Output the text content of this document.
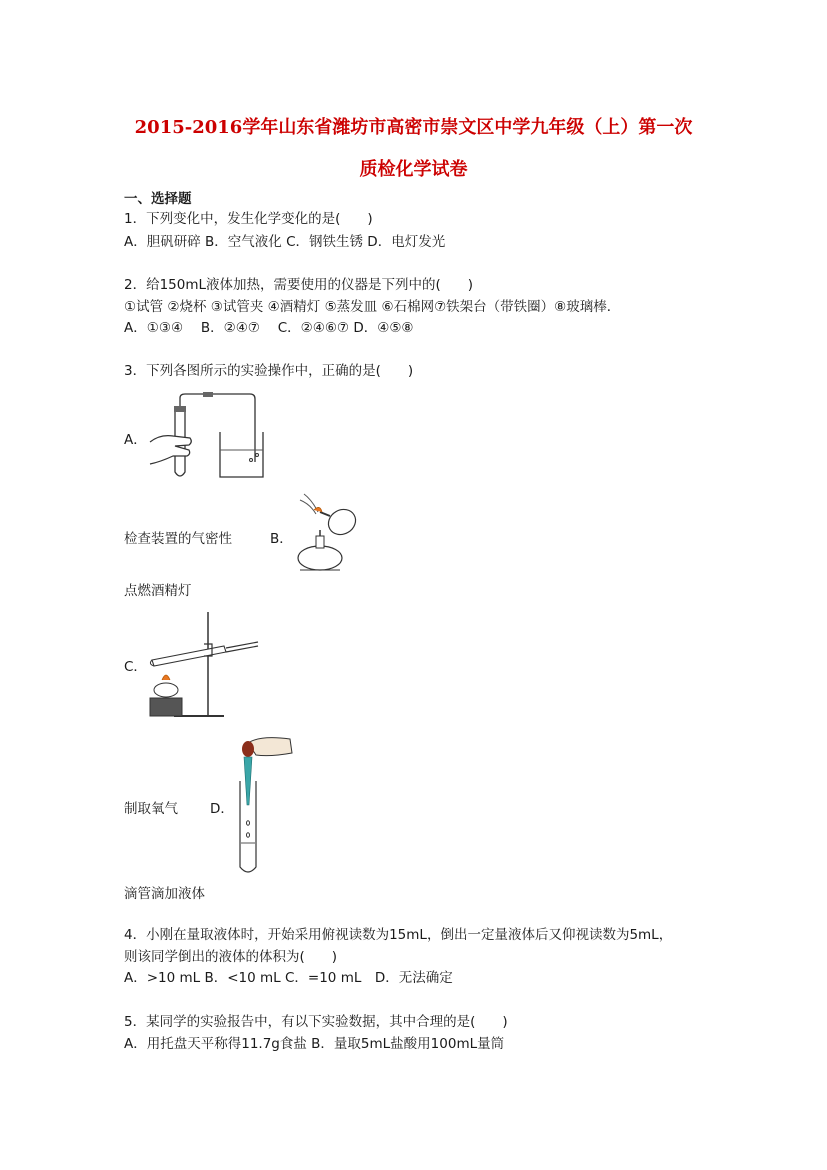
2015-2016学年山东省潍坊市高密市崇文区中学九年级（上）第一次
质检化学试卷
一、选择题
1．下列变化中，发生化学变化的是(　　)
A．胆矾研碎 B．空气液化 C．钢铁生锈 D．电灯发光
2．给150mL液体加热，需要使用的仪器是下列中的(　　)
①试管 ②烧杯 ③试管夹 ④酒精灯 ⑤蒸发皿 ⑥石棉网⑦铁架台（带铁圈）⑧玻璃棒．
A．①③④　 B．②④⑦　 C．②④⑥⑦ D．④⑤⑧
3．下列各图所示的实验操作中，正确的是(　　)
A．
检查装置的气密性	B．
点燃酒精灯
C．
制取氧气 D．
滴管滴加液体
4．小刚在量取液体时，开始采用俯视读数为15mL，倒出一定量液体后又仰视读数为5mL，
则该同学倒出的液体的体积为(　　)
A．>10 mL B．<10 mL C．=10 mL　D．无法确定
5．某同学的实验报告中，有以下实验数据，其中合理的是(　　)
A．用托盘天平称得11.7g食盐 B．量取5mL盐酸用100mL量筒
